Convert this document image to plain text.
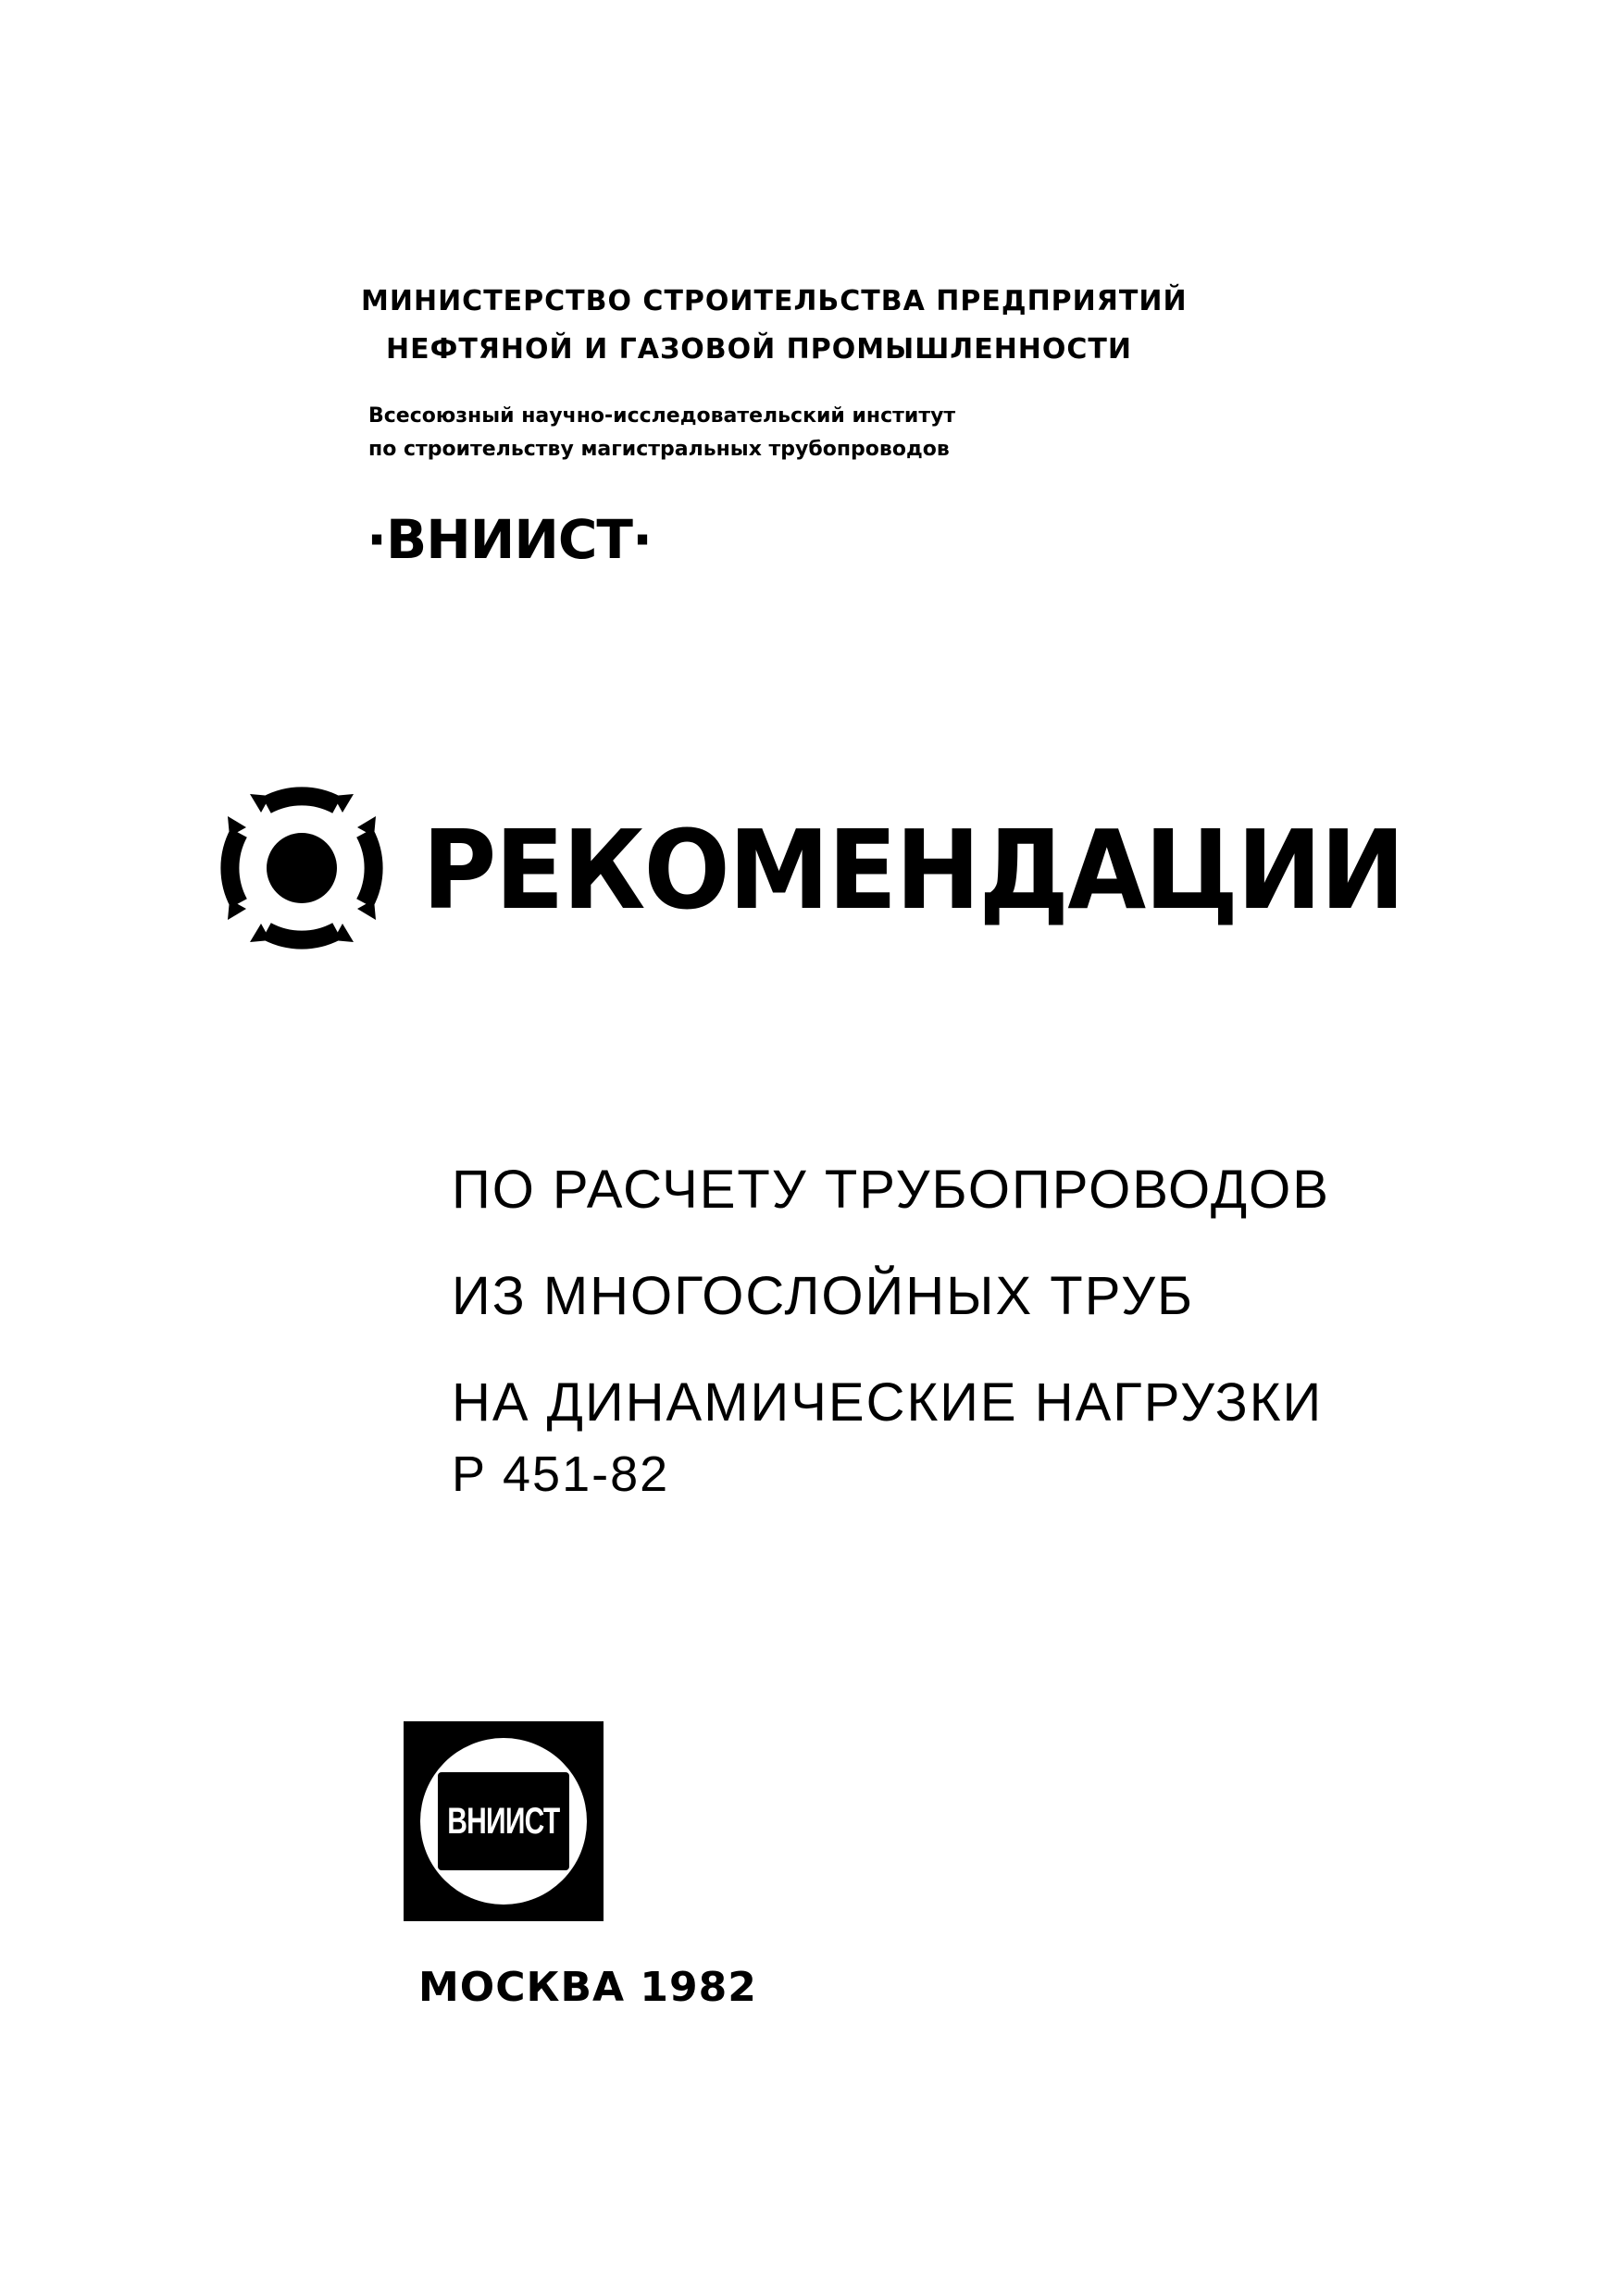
МИНИСТЕРСТВО СТРОИТЕЛЬСТВА ПРЕДПРИЯТИЙ
НЕФТЯНОЙ И ГАЗОВОЙ ПРОМЫШЛЕННОСТИ
Всесоюзный научно-исследовательский институт
по строительству магистральных трубопроводов
·ВНИИСТ·
РЕКОМЕНДАЦИИ
ПО РАСЧЕТУ ТРУБОПРОВОДОВ
ИЗ МНОГОСЛОЙНЫХ ТРУБ
НА ДИНАМИЧЕСКИЕ НАГРУЗКИ
Р 451-82
ВНИИСТ
МОСКВА 1982
